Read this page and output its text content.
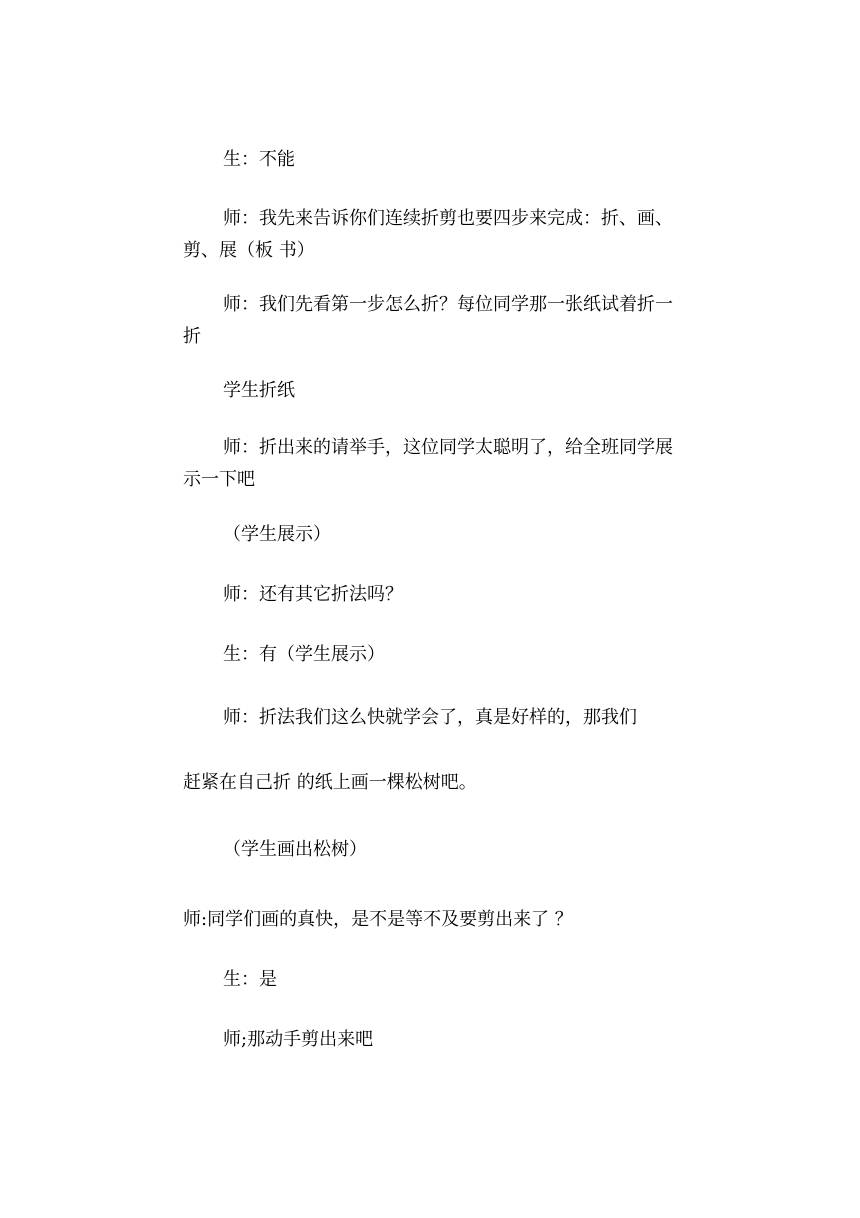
生：不能

师：我先来告诉你们连续折剪也要四步来完成：折、画、剪、展（板 书）

师：我们先看第一步怎么折？每位同学那一张纸试着折一折

学生折纸

师：折出来的请举手，这位同学太聪明了，给全班同学展示一下吧

（学生展示）

师：还有其它折法吗？

生：有（学生展示）

师：折法我们这么快就学会了，真是好样的，那我们

赶紧在自己折 的纸上画一棵松树吧。

（学生画出松树）

师:同学们画的真快，是不是等不及要剪出来了 ？

生：是

师;那动手剪出来吧
